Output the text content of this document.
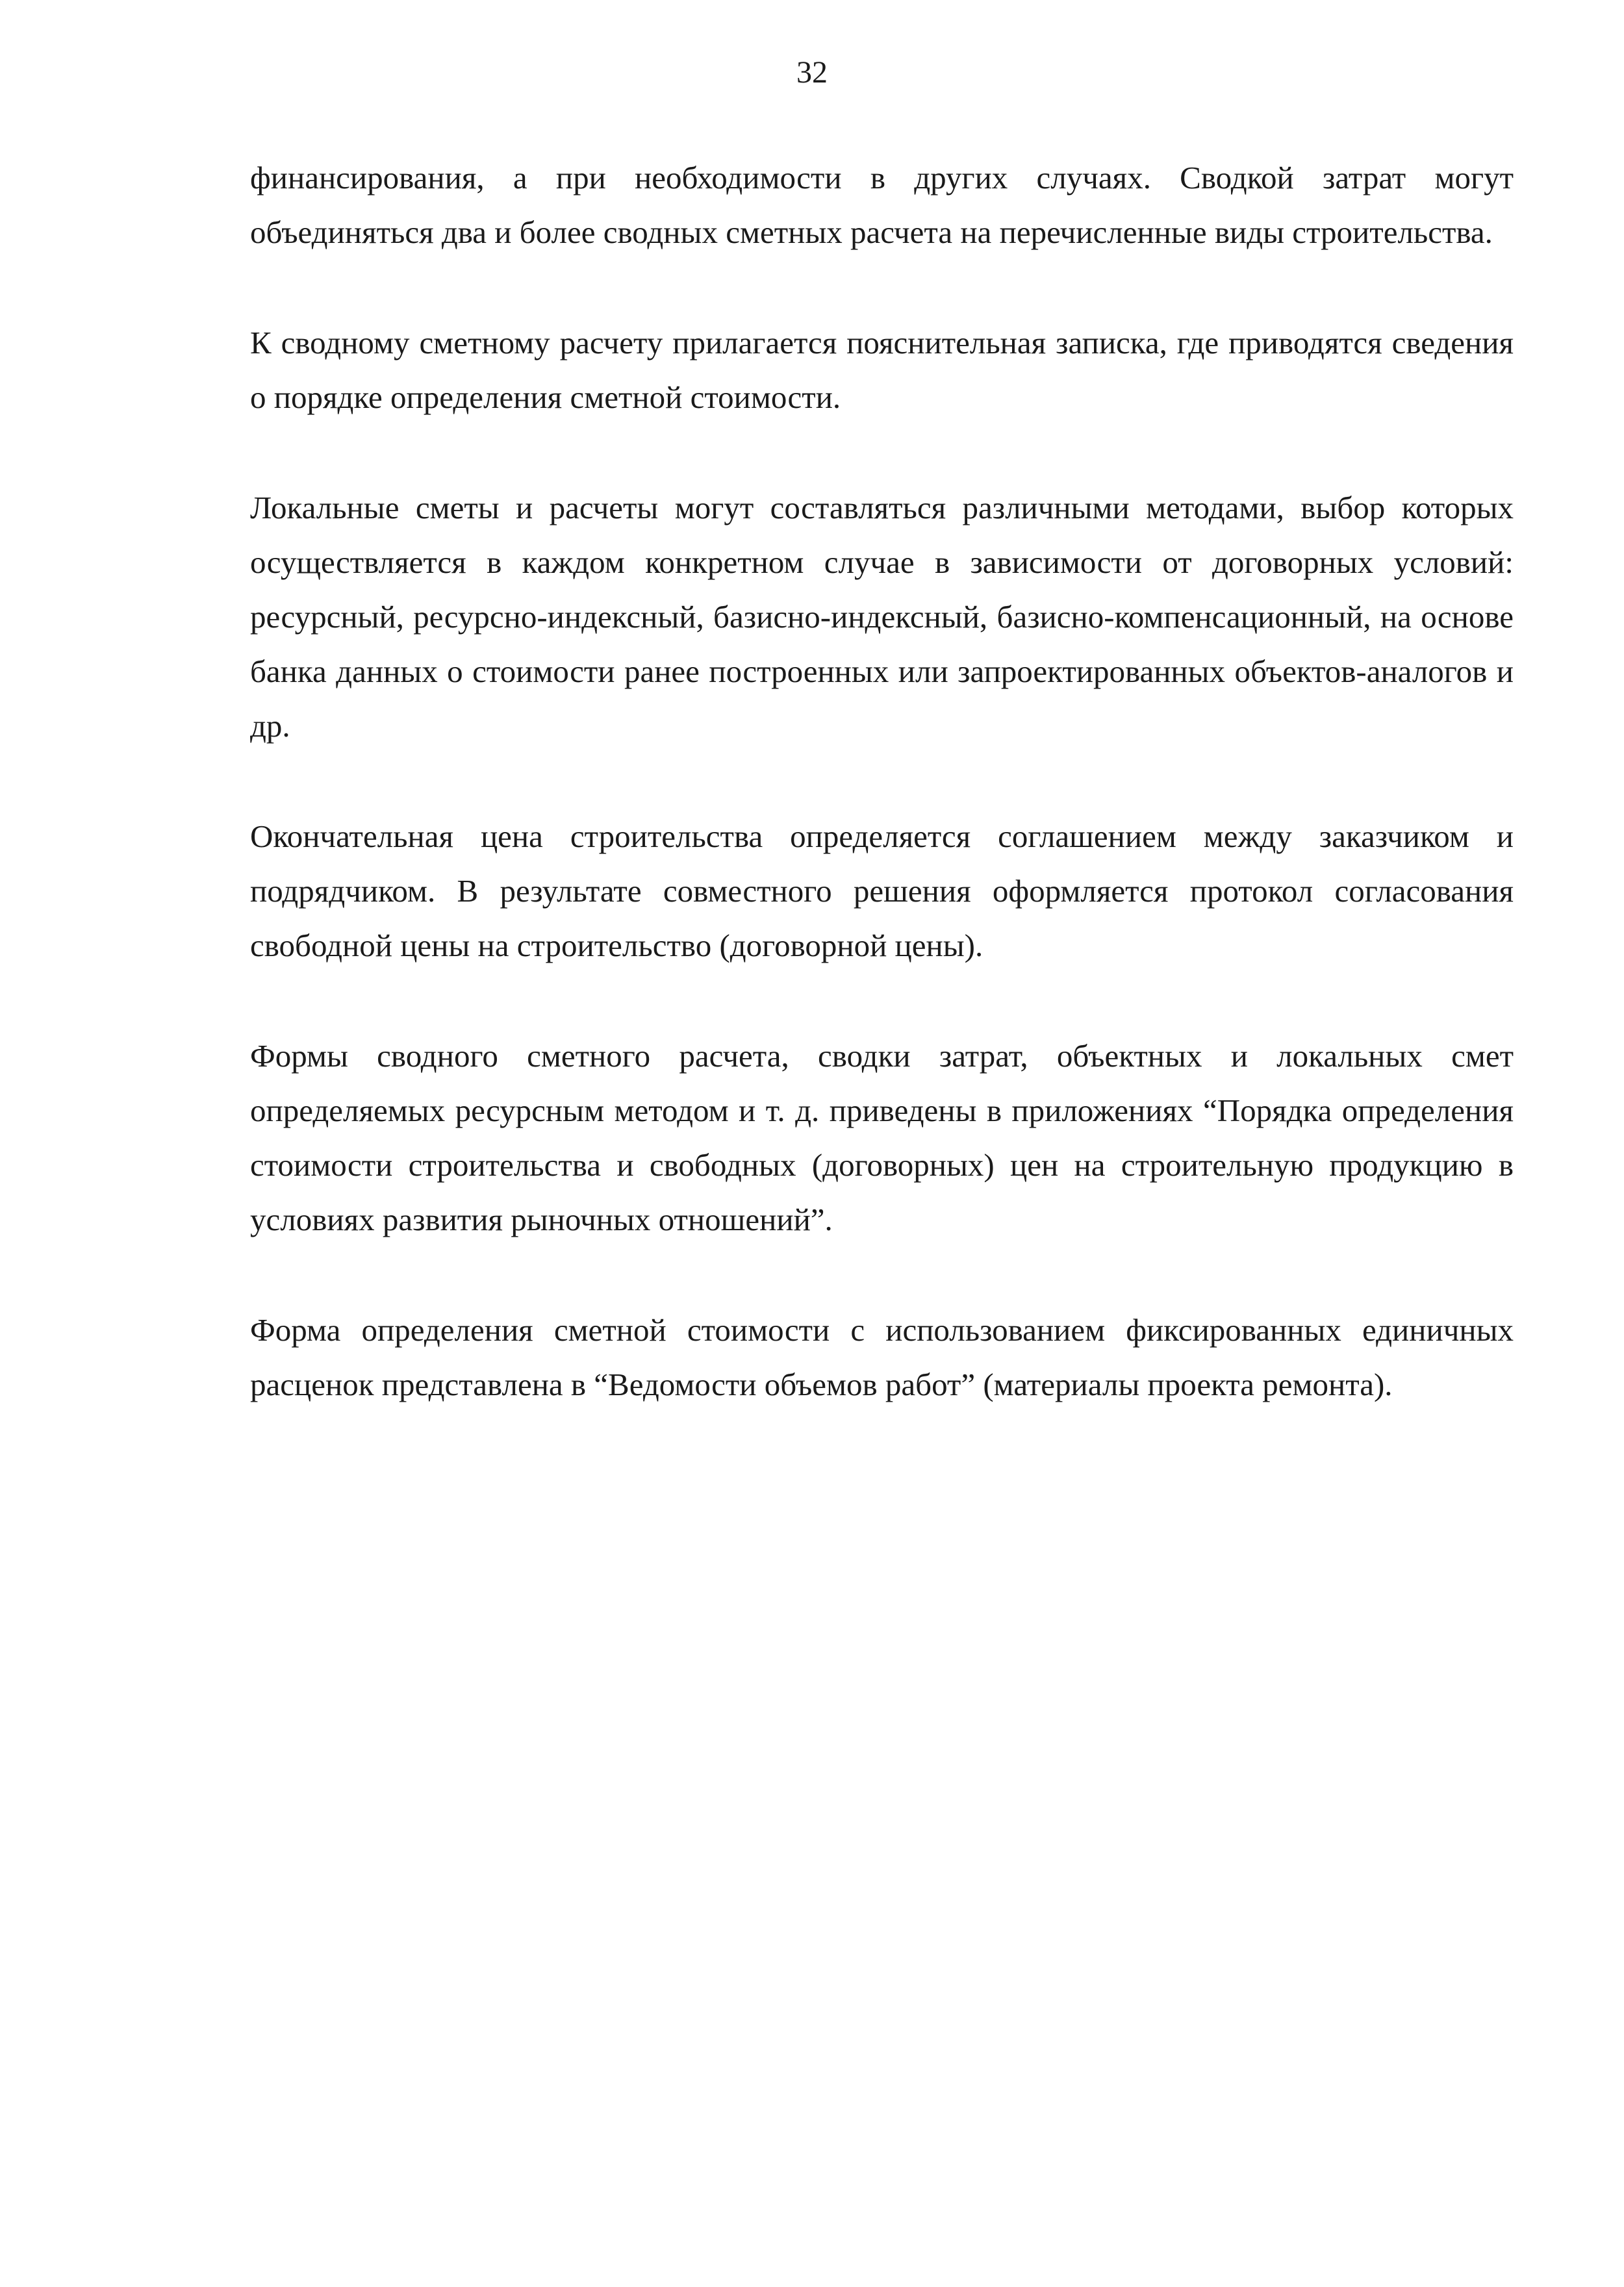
32

финансирования, а при необходимости в других случаях. Сводкой затрат могут объединяться два и более сводных сметных расчета на перечисленные виды строительства.

К сводному сметному расчету прилагается пояснительная записка, где приводятся сведения о порядке определения сметной стоимости.

Локальные сметы и расчеты могут составляться различными методами, выбор которых осуществляется в каждом конкретном случае в зависимости от договорных условий: ресурсный, ресурсно-индексный, базисно-индексный, базисно-компенсационный, на основе банка данных о стоимости ранее построенных или запроектированных объектов-аналогов и др.

Окончательная цена строительства определяется соглашением между заказчиком и подрядчиком. В результате совместного решения оформляется протокол согласования свободной цены на строительство (договорной цены).

Формы сводного сметного расчета, сводки затрат, объектных и локальных смет определяемых ресурсным методом и т. д. приведены в приложениях “Порядка определения стоимости строительства и свободных (договорных) цен на строительную продукцию в условиях развития рыночных отношений”.

Форма определения сметной стоимости с использованием фиксированных единичных расценок представлена в “Ведомости объемов работ” (материалы проекта ремонта).
